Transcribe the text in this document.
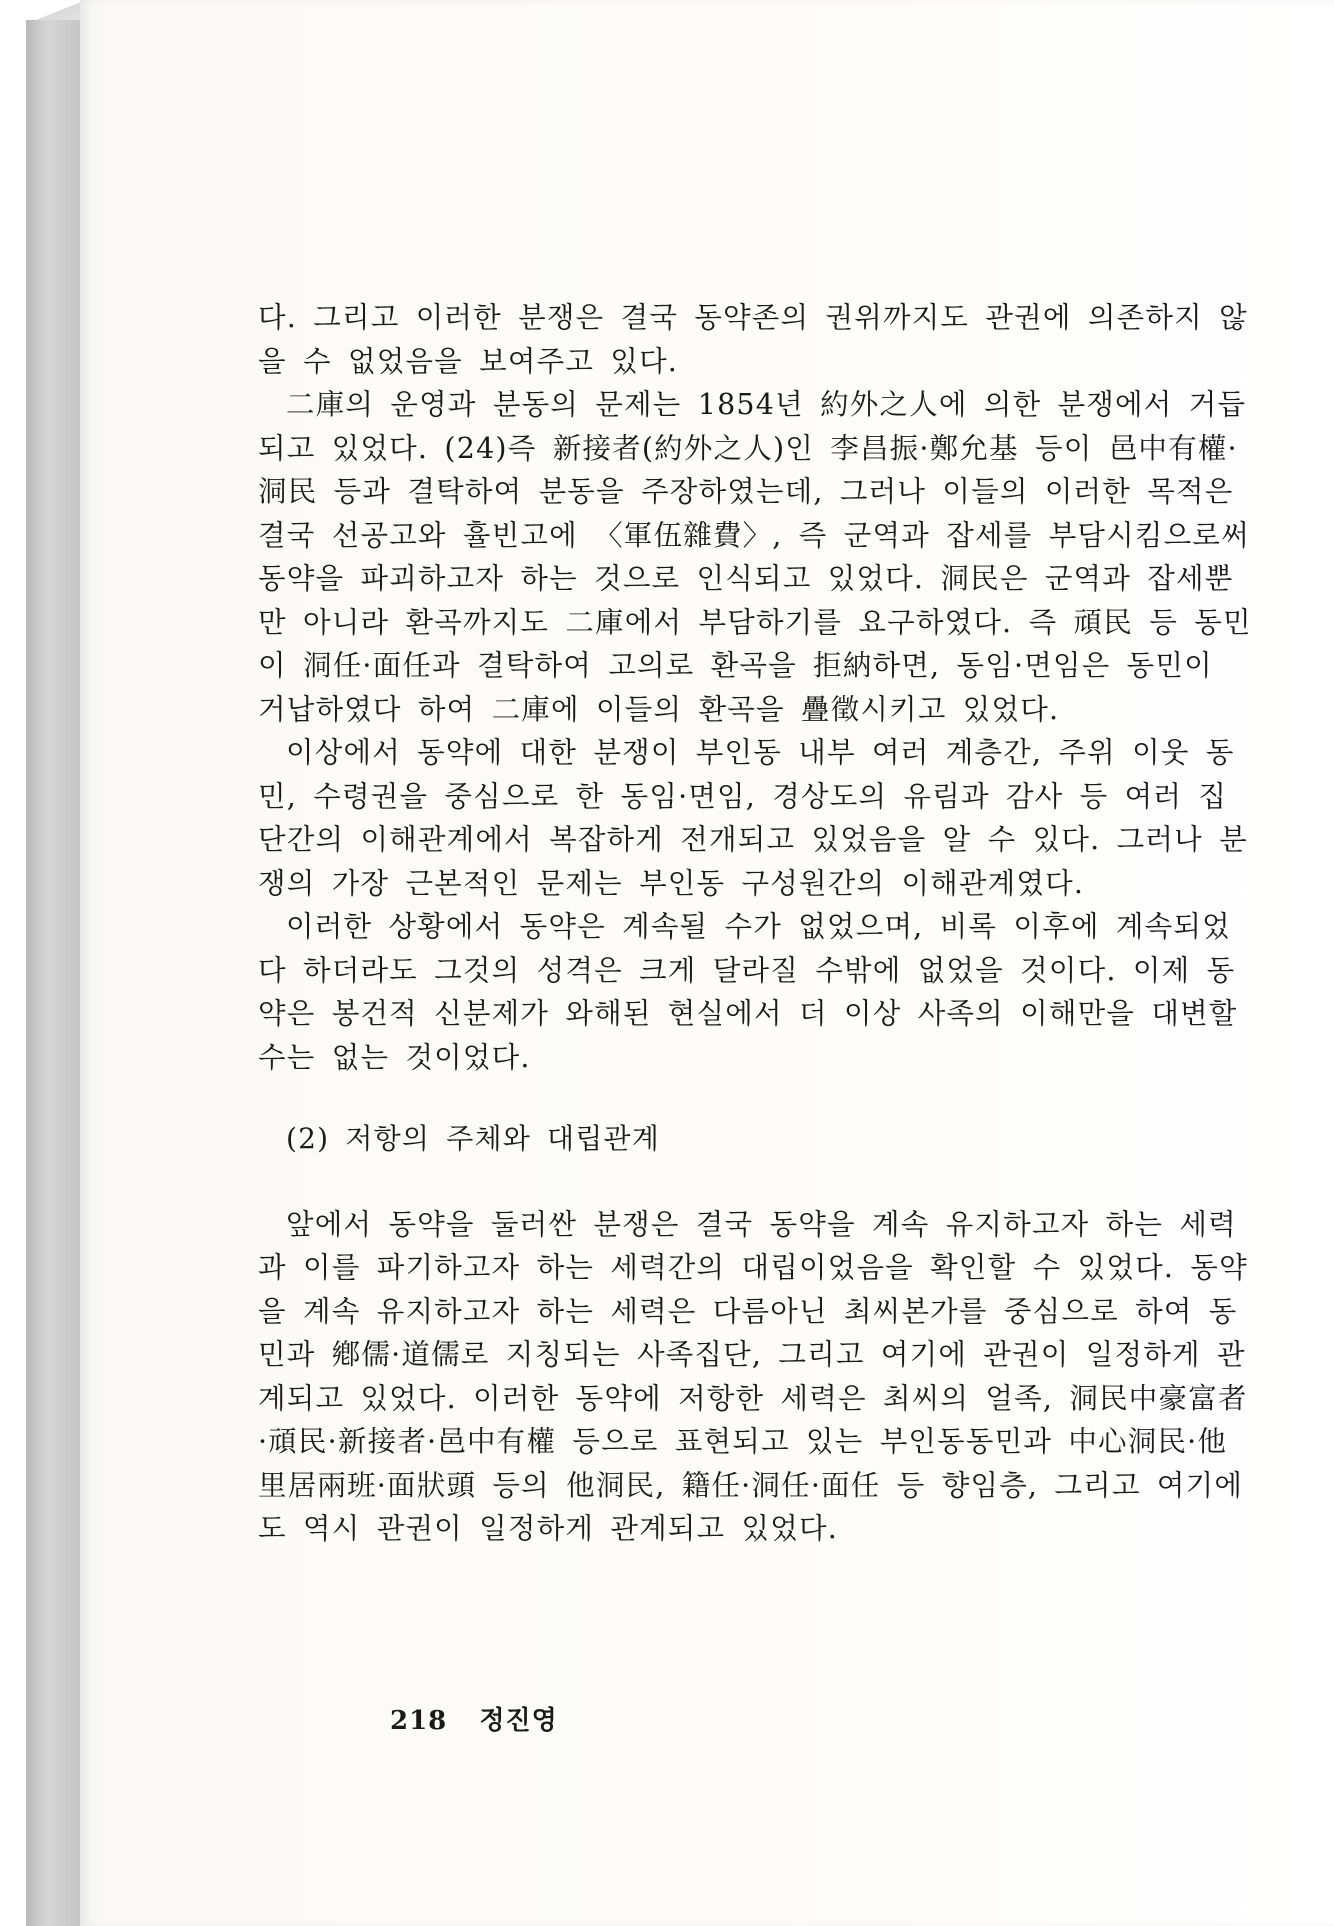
다. 그리고 이러한 분쟁은 결국 동약존의 권위까지도 관권에 의존하지 않을 수 없었음을 보여주고 있다.

二庫의 운영과 분동의 문제는 1854년 約外之人에 의한 분쟁에서 거듭되고 있었다. (24)즉 新接者(約外之人)인 李昌振·鄭允基 등이 邑中有權·洞民 등과 결탁하여 분동을 주장하였는데, 그러나 이들의 이러한 목적은 결국 선공고와 휼빈고에 〈軍伍雜費〉, 즉 군역과 잡세를 부담시킴으로써 동약을 파괴하고자 하는 것으로 인식되고 있었다. 洞民은 군역과 잡세뿐만 아니라 환곡까지도 二庫에서 부담하기를 요구하였다. 즉 頑民 등 동민이 洞任·面任과 결탁하여 고의로 환곡을 拒納하면, 동임·면임은 동민이 거납하였다 하여 二庫에 이들의 환곡을 疊徵시키고 있었다.

이상에서 동약에 대한 분쟁이 부인동 내부 여러 계층간, 주위 이웃 동민, 수령권을 중심으로 한 동임·면임, 경상도의 유림과 감사 등 여러 집단간의 이해관계에서 복잡하게 전개되고 있었음을 알 수 있다. 그러나 분쟁의 가장 근본적인 문제는 부인동 구성원간의 이해관계였다.

이러한 상황에서 동약은 계속될 수가 없었으며, 비록 이후에 계속되었다 하더라도 그것의 성격은 크게 달라질 수밖에 없었을 것이다. 이제 동약은 봉건적 신분제가 와해된 현실에서 더 이상 사족의 이해만을 대변할 수는 없는 것이었다.

(2) 저항의 주체와 대립관계

앞에서 동약을 둘러싼 분쟁은 결국 동약을 계속 유지하고자 하는 세력과 이를 파기하고자 하는 세력간의 대립이었음을 확인할 수 있었다. 동약을 계속 유지하고자 하는 세력은 다름아닌 최씨본가를 중심으로 하여 동민과 鄕儒·道儒로 지칭되는 사족집단, 그리고 여기에 관권이 일정하게 관계되고 있었다. 이러한 동약에 저항한 세력은 최씨의 얼족, 洞民中豪富者·頑民·新接者·邑中有權 등으로 표현되고 있는 부인동동민과 中心洞民·他里居兩班·面狀頭 등의 他洞民, 籍任·洞任·面任 등 향임층, 그리고 여기에도 역시 관권이 일정하게 관계되고 있었다.

218 정진영
